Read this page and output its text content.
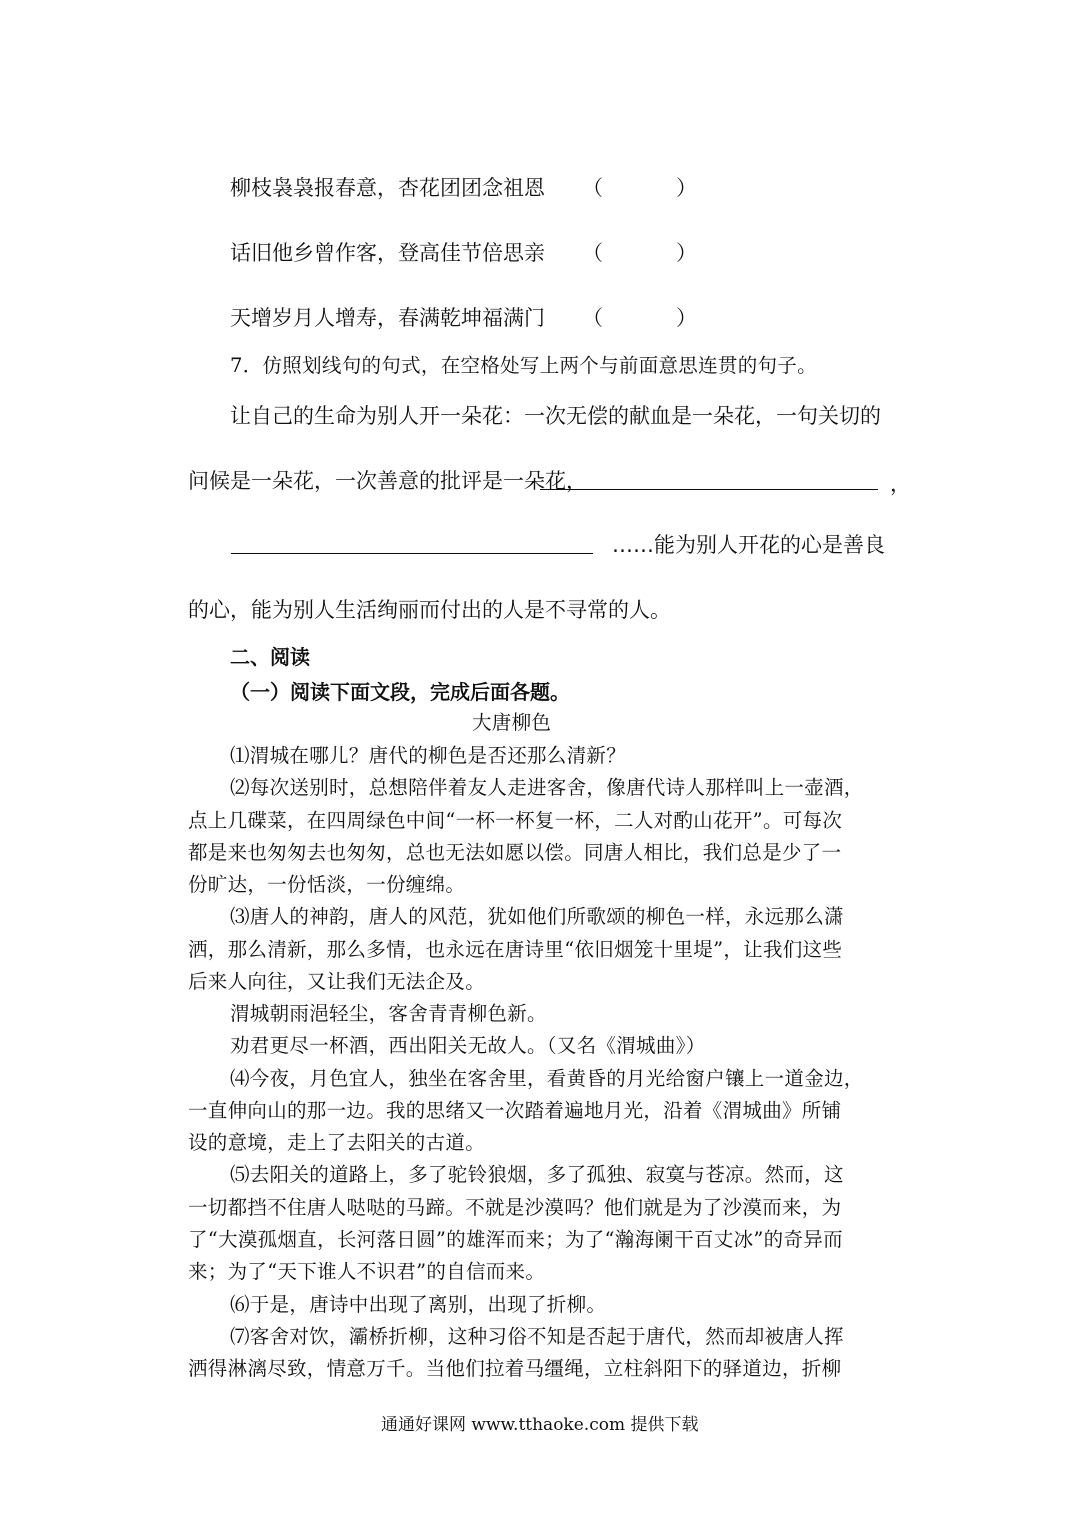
柳枝袅袅报春意，杏花团团念祖恩 （	）
话旧他乡曾作客，登高佳节倍思亲 （	）
天增岁月人增寿，春满乾坤福满门 （	）
7．仿照划线句的句式，在空格处写上两个与前面意思连贯的句子。
让自己的生命为别人开一朵花：一次无偿的献血是一朵花，一句关切的
问候是一朵花，一次善意的批评是一朵花，	，
……能为别人开花的心是善良
的心，能为别人生活绚丽而付出的人是不寻常的人。
二、阅读
（一）阅读下面文段，完成后面各题。
大唐柳色
⑴渭城在哪儿？唐代的柳色是否还那么清新？
⑵每次送别时，总想陪伴着友人走进客舍，像唐代诗人那样叫上一壶酒，
点上几碟菜，在四周绿色中间“一杯一杯复一杯，二人对酌山花开”。可每次
都是来也匆匆去也匆匆，总也无法如愿以偿。同唐人相比，我们总是少了一
份旷达，一份恬淡，一份缠绵。
⑶唐人的神韵，唐人的风范，犹如他们所歌颂的柳色一样，永远那么潇
洒，那么清新，那么多情，也永远在唐诗里“依旧烟笼十里堤”，让我们这些
后来人向往，又让我们无法企及。
渭城朝雨浥轻尘，客舍青青柳色新。
劝君更尽一杯酒，西出阳关无故人。（又名《渭城曲》）
⑷今夜，月色宜人，独坐在客舍里，看黄昏的月光给窗户镶上一道金边，
一直伸向山的那一边。我的思绪又一次踏着遍地月光，沿着《渭城曲》所铺
设的意境，走上了去阳关的古道。
⑸去阳关的道路上，多了驼铃狼烟，多了孤独、寂寞与苍凉。然而，这
一切都挡不住唐人哒哒的马蹄。不就是沙漠吗？他们就是为了沙漠而来，为
了“大漠孤烟直，长河落日圆”的雄浑而来；为了“瀚海阑干百丈冰”的奇异而
来；为了“天下谁人不识君”的自信而来。
⑹于是，唐诗中出现了离别，出现了折柳。
⑺客舍对饮，灞桥折柳，这种习俗不知是否起于唐代，然而却被唐人挥
洒得淋漓尽致，情意万千。当他们拉着马缰绳，立柱斜阳下的驿道边，折柳
通通好课网 www.tthaoke.com 提供下载
